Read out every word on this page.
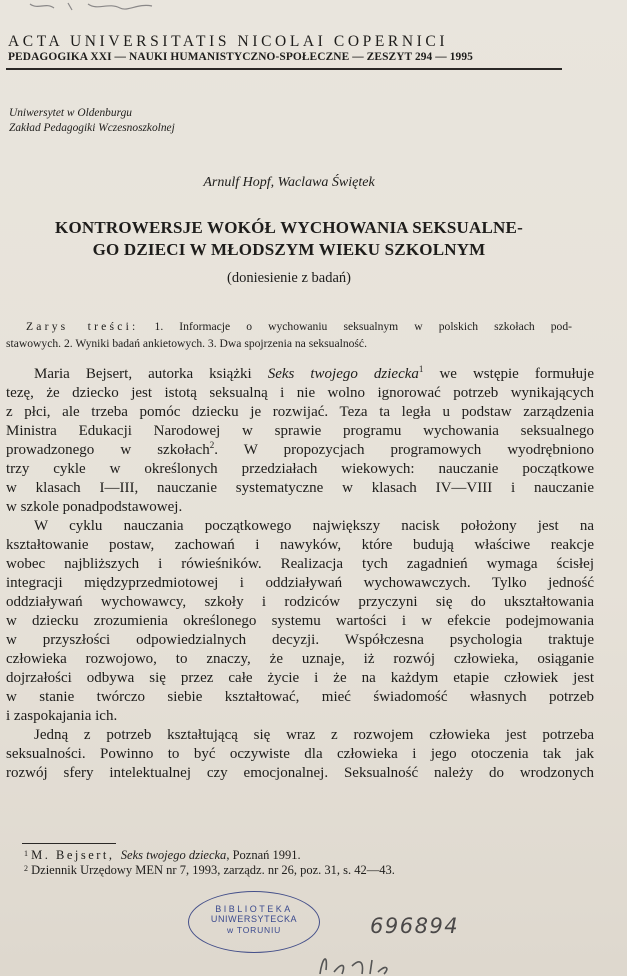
ACTA UNIVERSITATIS NICOLAI COPERNICI
PEDAGOGIKA XXI — NAUKI HUMANISTYCZNO-SPOŁECZNE — ZESZYT 294 — 1995
Uniwersytet w Oldenburgu
Zakład Pedagogiki Wczesnoszkolnej
Arnulf Hopf, Waclawa Świętek
KONTROWERSJE WOKÓŁ WYCHOWANIA SEKSUALNE-
GO DZIECI W MŁODSZYM WIEKU SZKOLNYM
(doniesienie z badań)
Zarys treści: 1. Informacje o wychowaniu seksualnym w polskich szkołach pod-
stawowych. 2. Wyniki badań ankietowych. 3. Dwa spojrzenia na seksualność.
Maria Bejsert, autorka książki Seks twojego dziecka$^1$ we wstępie formułuje
tezę, że dziecko jest istotą seksualną i nie wolno ignorować potrzeb wynikających
z płci, ale trzeba pomóc dziecku je rozwijać. Teza ta legła u podstaw zarządzenia
Ministra Edukacji Narodowej w sprawie programu wychowania seksualnego
prowadzonego w szkołach$^2$. W propozycjach programowych wyodrębniono
trzy cykle w określonych przedziałach wiekowych: nauczanie początkowe
w klasach I—III, nauczanie systematyczne w klasach IV—VIII i nauczanie
w szkole ponadpodstawowej.
W cyklu nauczania początkowego największy nacisk położony jest na
kształtowanie postaw, zachowań i nawyków, które budują właściwe reakcje
wobec najbliższych i rówieśników. Realizacja tych zagadnień wymaga ścisłej
integracji międzyprzedmiotowej i oddziaływań wychowawczych. Tylko jedność
oddziaływań wychowawcy, szkoły i rodziców przyczyni się do ukształtowania
w dziecku zrozumienia określonego systemu wartości i w efekcie podejmowania
w przyszłości odpowiedzialnych decyzji. Współczesna psychologia traktuje
człowieka rozwojowo, to znaczy, że uznaje, iż rozwój człowieka, osiąganie
dojrzałości odbywa się przez całe życie i że na każdym etapie człowiek jest
w stanie twórczo siebie kształtować, mieć świadomość własnych potrzeb
i zaspokajania ich.
Jedną z potrzeb kształtującą się wraz z rozwojem człowieka jest potrzeba
seksualności. Powinno to być oczywiste dla człowieka i jego otoczenia tak jak
rozwój sfery intelektualnej czy emocjonalnej. Seksualność należy do wrodzonych
$^1$ M. Bejsert, Seks twojego dziecka, Poznań 1991.
$^2$ Dziennik Urzędowy MEN nr 7, 1993, zarządz. nr 26, poz. 31, s. 42—43.
BIBLIOTEKA
UNIWERSYTECKA
w TORUNIU	696894
